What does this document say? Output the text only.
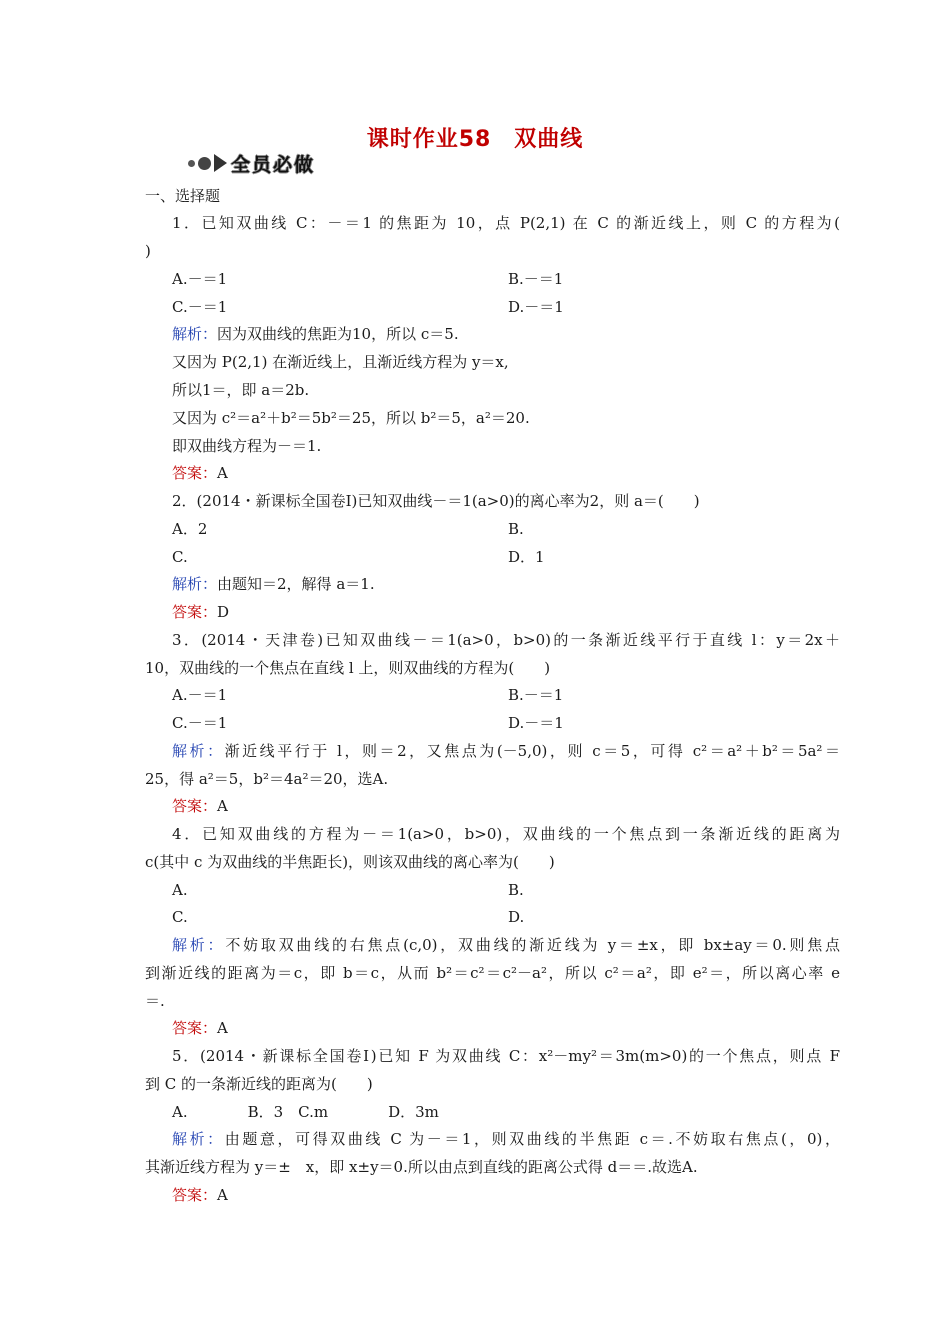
课时作业58　双曲线
全员必做
一、选择题
1．已知双曲线 C：－＝1 的焦距为 10，点 P(2,1) 在 C 的渐近线上，则 C 的方程为(
)
A.－＝1	B.－＝1
C.－＝1	D.－＝1
解析：因为双曲线的焦距为10，所以 c＝5.
又因为 P(2,1) 在渐近线上，且渐近线方程为 y＝x,
所以1＝，即 a＝2b.
又因为 c²＝a²＋b²＝5b²＝25，所以 b²＝5，a²＝20.
即双曲线方程为－＝1.
答案：A
2．(2014・新课标全国卷Ⅰ)已知双曲线－＝1(a>0)的离心率为2，则 a＝(　　)
A．2	B.
C.	D．1
解析：由题知＝2，解得 a＝1.
答案：D
3．(2014・天津卷)已知双曲线－＝1(a>0，b>0)的一条渐近线平行于直线 l：y＝2x＋
10，双曲线的一个焦点在直线 l 上，则双曲线的方程为(　　)
A.－＝1	B.－＝1
C.－＝1	D.－＝1
解析：渐近线平行于 l，则＝2，又焦点为(－5,0)，则 c＝5，可得 c²＝a²＋b²＝5a²＝
25，得 a²＝5，b²＝4a²＝20，选A.
答案：A
4．已知双曲线的方程为－＝1(a>0，b>0)，双曲线的一个焦点到一条渐近线的距离为
c(其中 c 为双曲线的半焦距长)，则该双曲线的离心率为(　　)
A.	B.
C.	D.
解析：不妨取双曲线的右焦点(c,0)，双曲线的渐近线为 y＝±x，即 bx±ay＝0.则焦点
到渐近线的距离为＝c，即 b＝c，从而 b²＝c²＝c²－a²，所以 c²＝a²，即 e²＝，所以离心率 e
＝.
答案：A
5．(2014・新课标全国卷Ⅰ)已知 F 为双曲线 C：x²－my²＝3m(m>0)的一个焦点，则点 F
到 C 的一条渐近线的距离为(　　)
A.　　　　B．3　C.m　　　　D．3m
解析：由题意，可得双曲线 C 为－＝1，则双曲线的半焦距 c＝.不妨取右焦点(，0)，
其渐近线方程为 y＝±　x，即 x±y＝0.所以由点到直线的距离公式得 d＝＝.故选A.
答案：A
